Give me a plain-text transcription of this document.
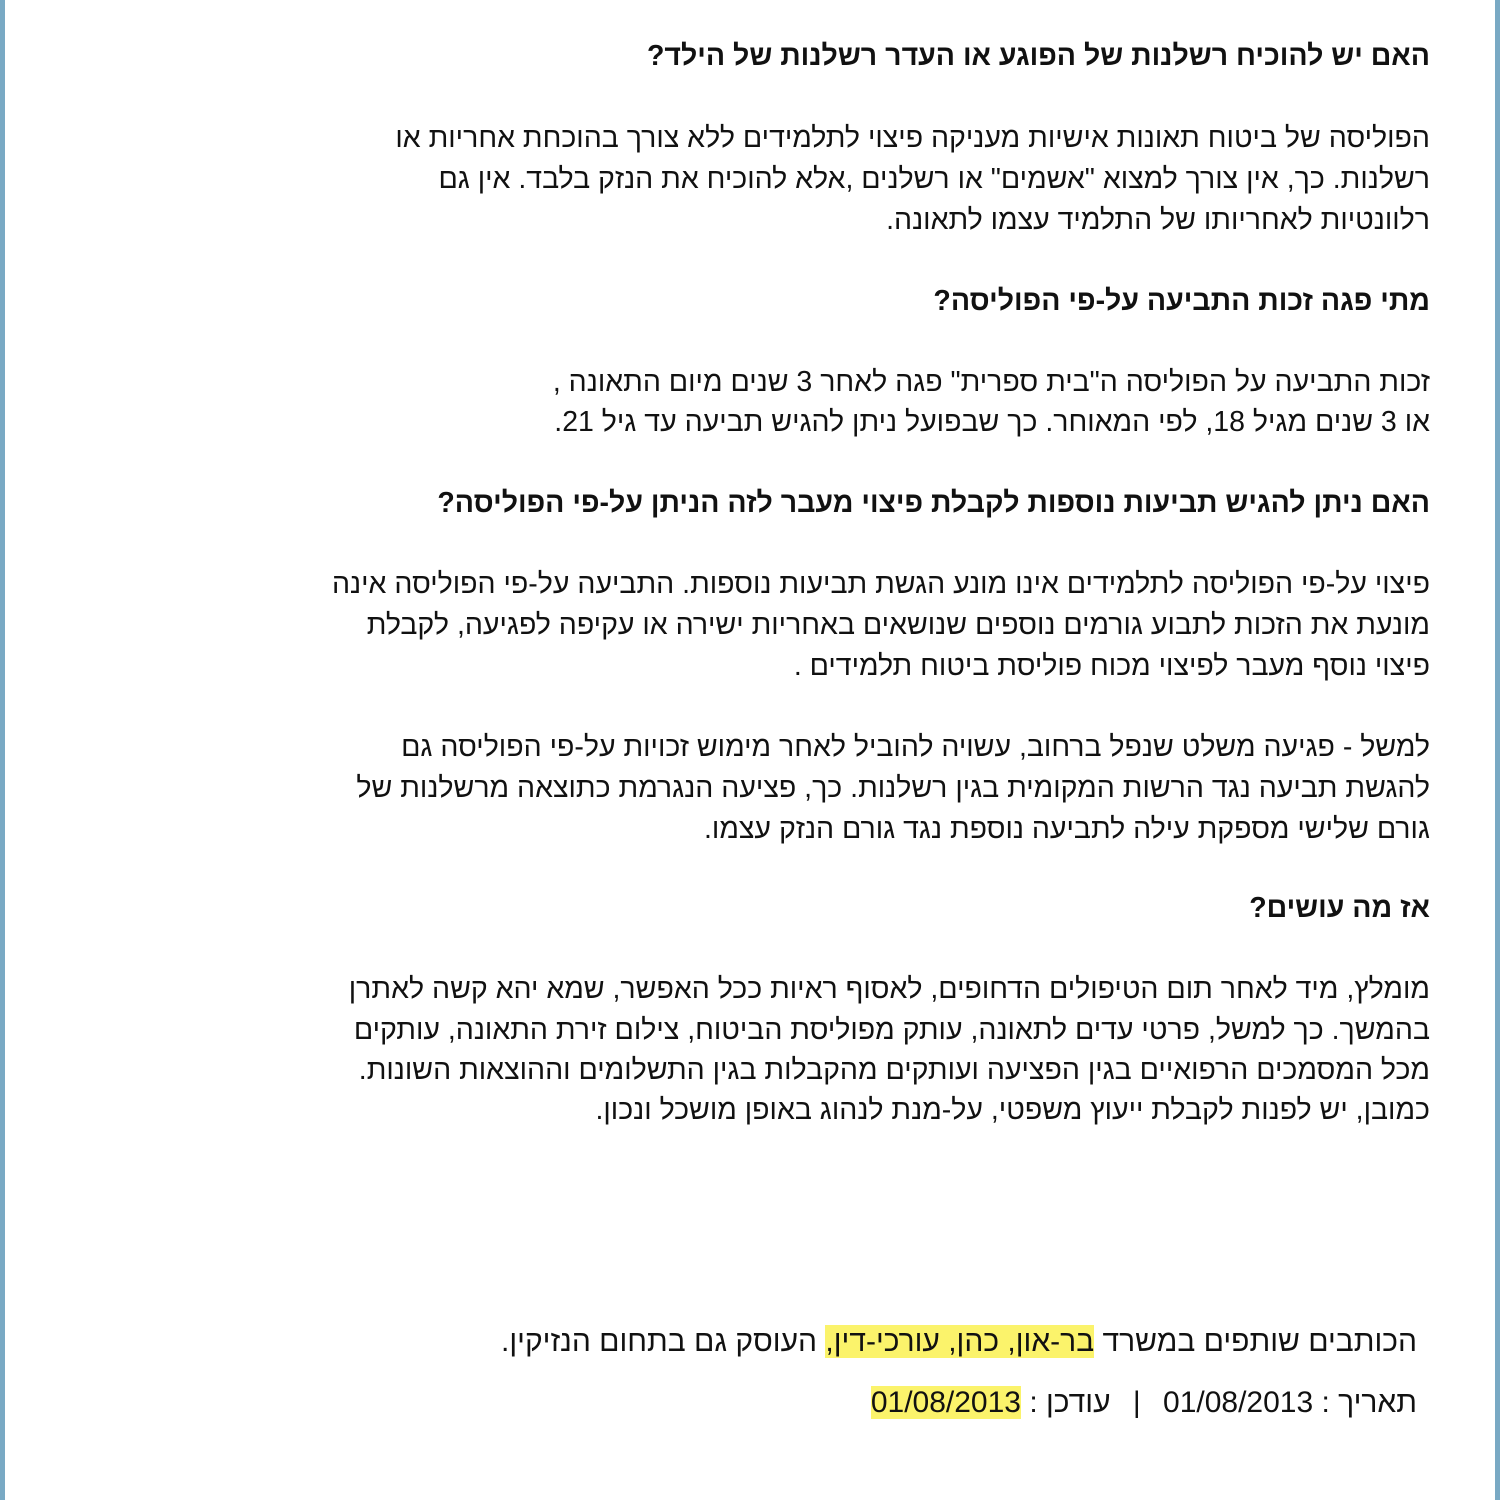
האם יש להוכיח רשלנות של הפוגע או העדר רשלנות של הילד?
הפוליסה של ביטוח תאונות אישיות מעניקה פיצוי לתלמידים ללא צורך בהוכחת אחריות או
רשלנות. כך, אין צורך למצוא "אשמים" או רשלנים ,אלא להוכיח את הנזק בלבד. אין גם
רלוונטיות לאחריותו של התלמיד עצמו לתאונה.
מתי פגה זכות התביעה על-פי הפוליסה?
זכות התביעה על הפוליסה ה"בית ספרית" פגה לאחר 3 שנים מיום התאונה ,
או 3 שנים מגיל 18, לפי המאוחר. כך שבפועל ניתן להגיש תביעה עד גיל 21.
האם ניתן להגיש תביעות נוספות לקבלת פיצוי מעבר לזה הניתן על-פי הפוליסה?
פיצוי על-פי הפוליסה לתלמידים אינו מונע הגשת תביעות נוספות. התביעה על-פי הפוליסה אינה
מונעת את הזכות לתבוע גורמים נוספים שנושאים באחריות ישירה או עקיפה לפגיעה, לקבלת
פיצוי נוסף מעבר לפיצוי מכוח פוליסת ביטוח תלמידים .
למשל - פגיעה משלט שנפל ברחוב, עשויה להוביל לאחר מימוש זכויות על-פי הפוליסה גם
להגשת תביעה נגד הרשות המקומית בגין רשלנות. כך, פציעה הנגרמת כתוצאה מרשלנות של
גורם שלישי מספקת עילה לתביעה נוספת נגד גורם הנזק עצמו.
אז מה עושים?
מומלץ, מיד לאחר תום הטיפולים הדחופים, לאסוף ראיות ככל האפשר, שמא יהא קשה לאתרן
בהמשך. כך למשל, פרטי עדים לתאונה, עותק מפוליסת הביטוח, צילום זירת התאונה, עותקים
מכל המסמכים הרפואיים בגין הפציעה ועותקים מהקבלות בגין התשלומים וההוצאות השונות.
כמובן, יש לפנות לקבלת ייעוץ משפטי, על-מנת לנהוג באופן מושכל ונכון.
הכותבים שותפים במשרד בר-און, כהן, עורכי-דין, העוסק גם בתחום הנזיקין.
תאריך : 01/08/2013 | עודכן : 01/08/2013
